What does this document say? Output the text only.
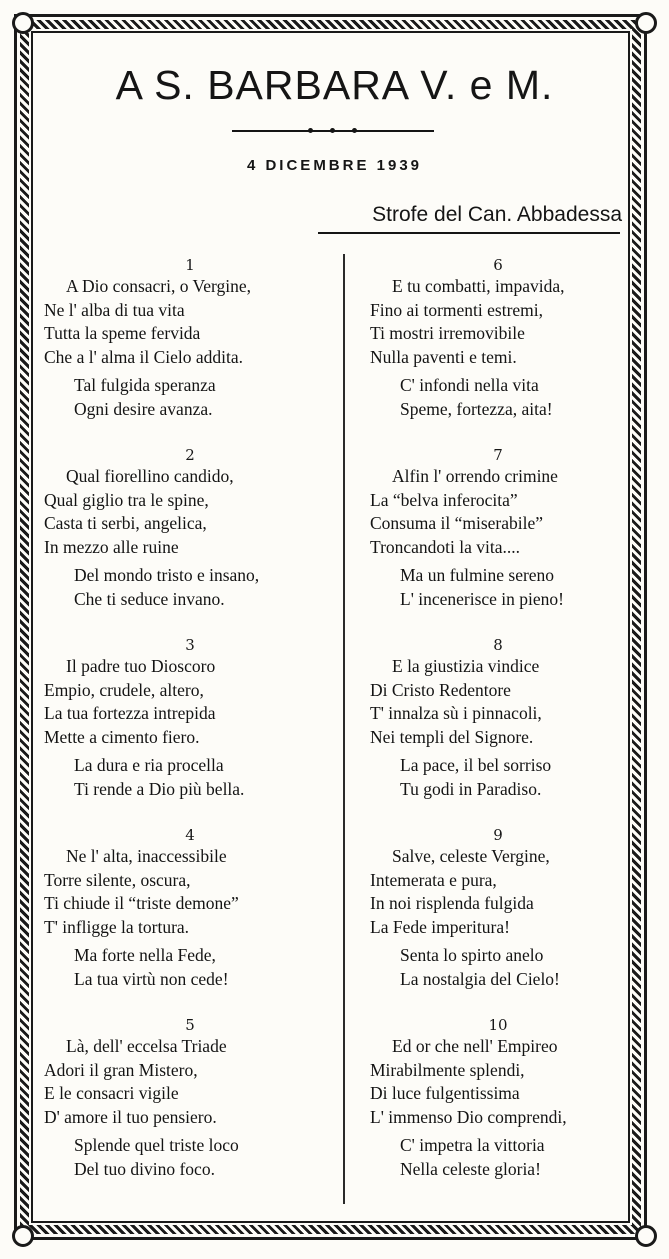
A S. BARBARA V. e M.
4 DICEMBRE 1939
Strofe del Can. Abbadessa
1
A Dio consacri, o Vergine,
Ne l' alba di tua vita
Tutta la speme fervida
Che a l' alma il Cielo addita.
Tal fulgida speranza
Ogni desire avanza.
2
Qual fiorellino candido,
Qual giglio tra le spine,
Casta ti serbi, angelica,
In mezzo alle ruine
Del mondo tristo e insano,
Che ti seduce invano.
3
Il padre tuo Dioscoro
Empio, crudele, altero,
La tua fortezza intrepida
Mette a cimento fiero.
La dura e ria procella
Ti rende a Dio più bella.
4
Ne l' alta, inaccessibile
Torre silente, oscura,
Ti chiude il “triste demone”
T' infligge la tortura.
Ma forte nella Fede,
La tua virtù non cede!
5
Là, dell' eccelsa Triade
Adori il gran Mistero,
E le consacri vigile
D' amore il tuo pensiero.
Splende quel triste loco
Del tuo divino foco.
6
E tu combatti, impavida,
Fino ai tormenti estremi,
Ti mostri irremovibile
Nulla paventi e temi.
C' infondi nella vita
Speme, fortezza, aita!
7
Alfin l' orrendo crimine
La “belva inferocita”
Consuma il “miserabile”
Troncandoti la vita....
Ma un fulmine sereno
L' incenerisce in pieno!
8
E la giustizia vindice
Di Cristo Redentore
T' innalza sù i pinnacoli,
Nei templi del Signore.
La pace, il bel sorriso
Tu godi in Paradiso.
9
Salve, celeste Vergine,
Intemerata e pura,
In noi risplenda fulgida
La Fede imperitura!
Senta lo spirto anelo
La nostalgia del Cielo!
10
Ed or che nell' Empireo
Mirabilmente splendi,
Di luce fulgentissima
L' immenso Dio comprendi,
C' impetra la vittoria
Nella celeste gloria!
